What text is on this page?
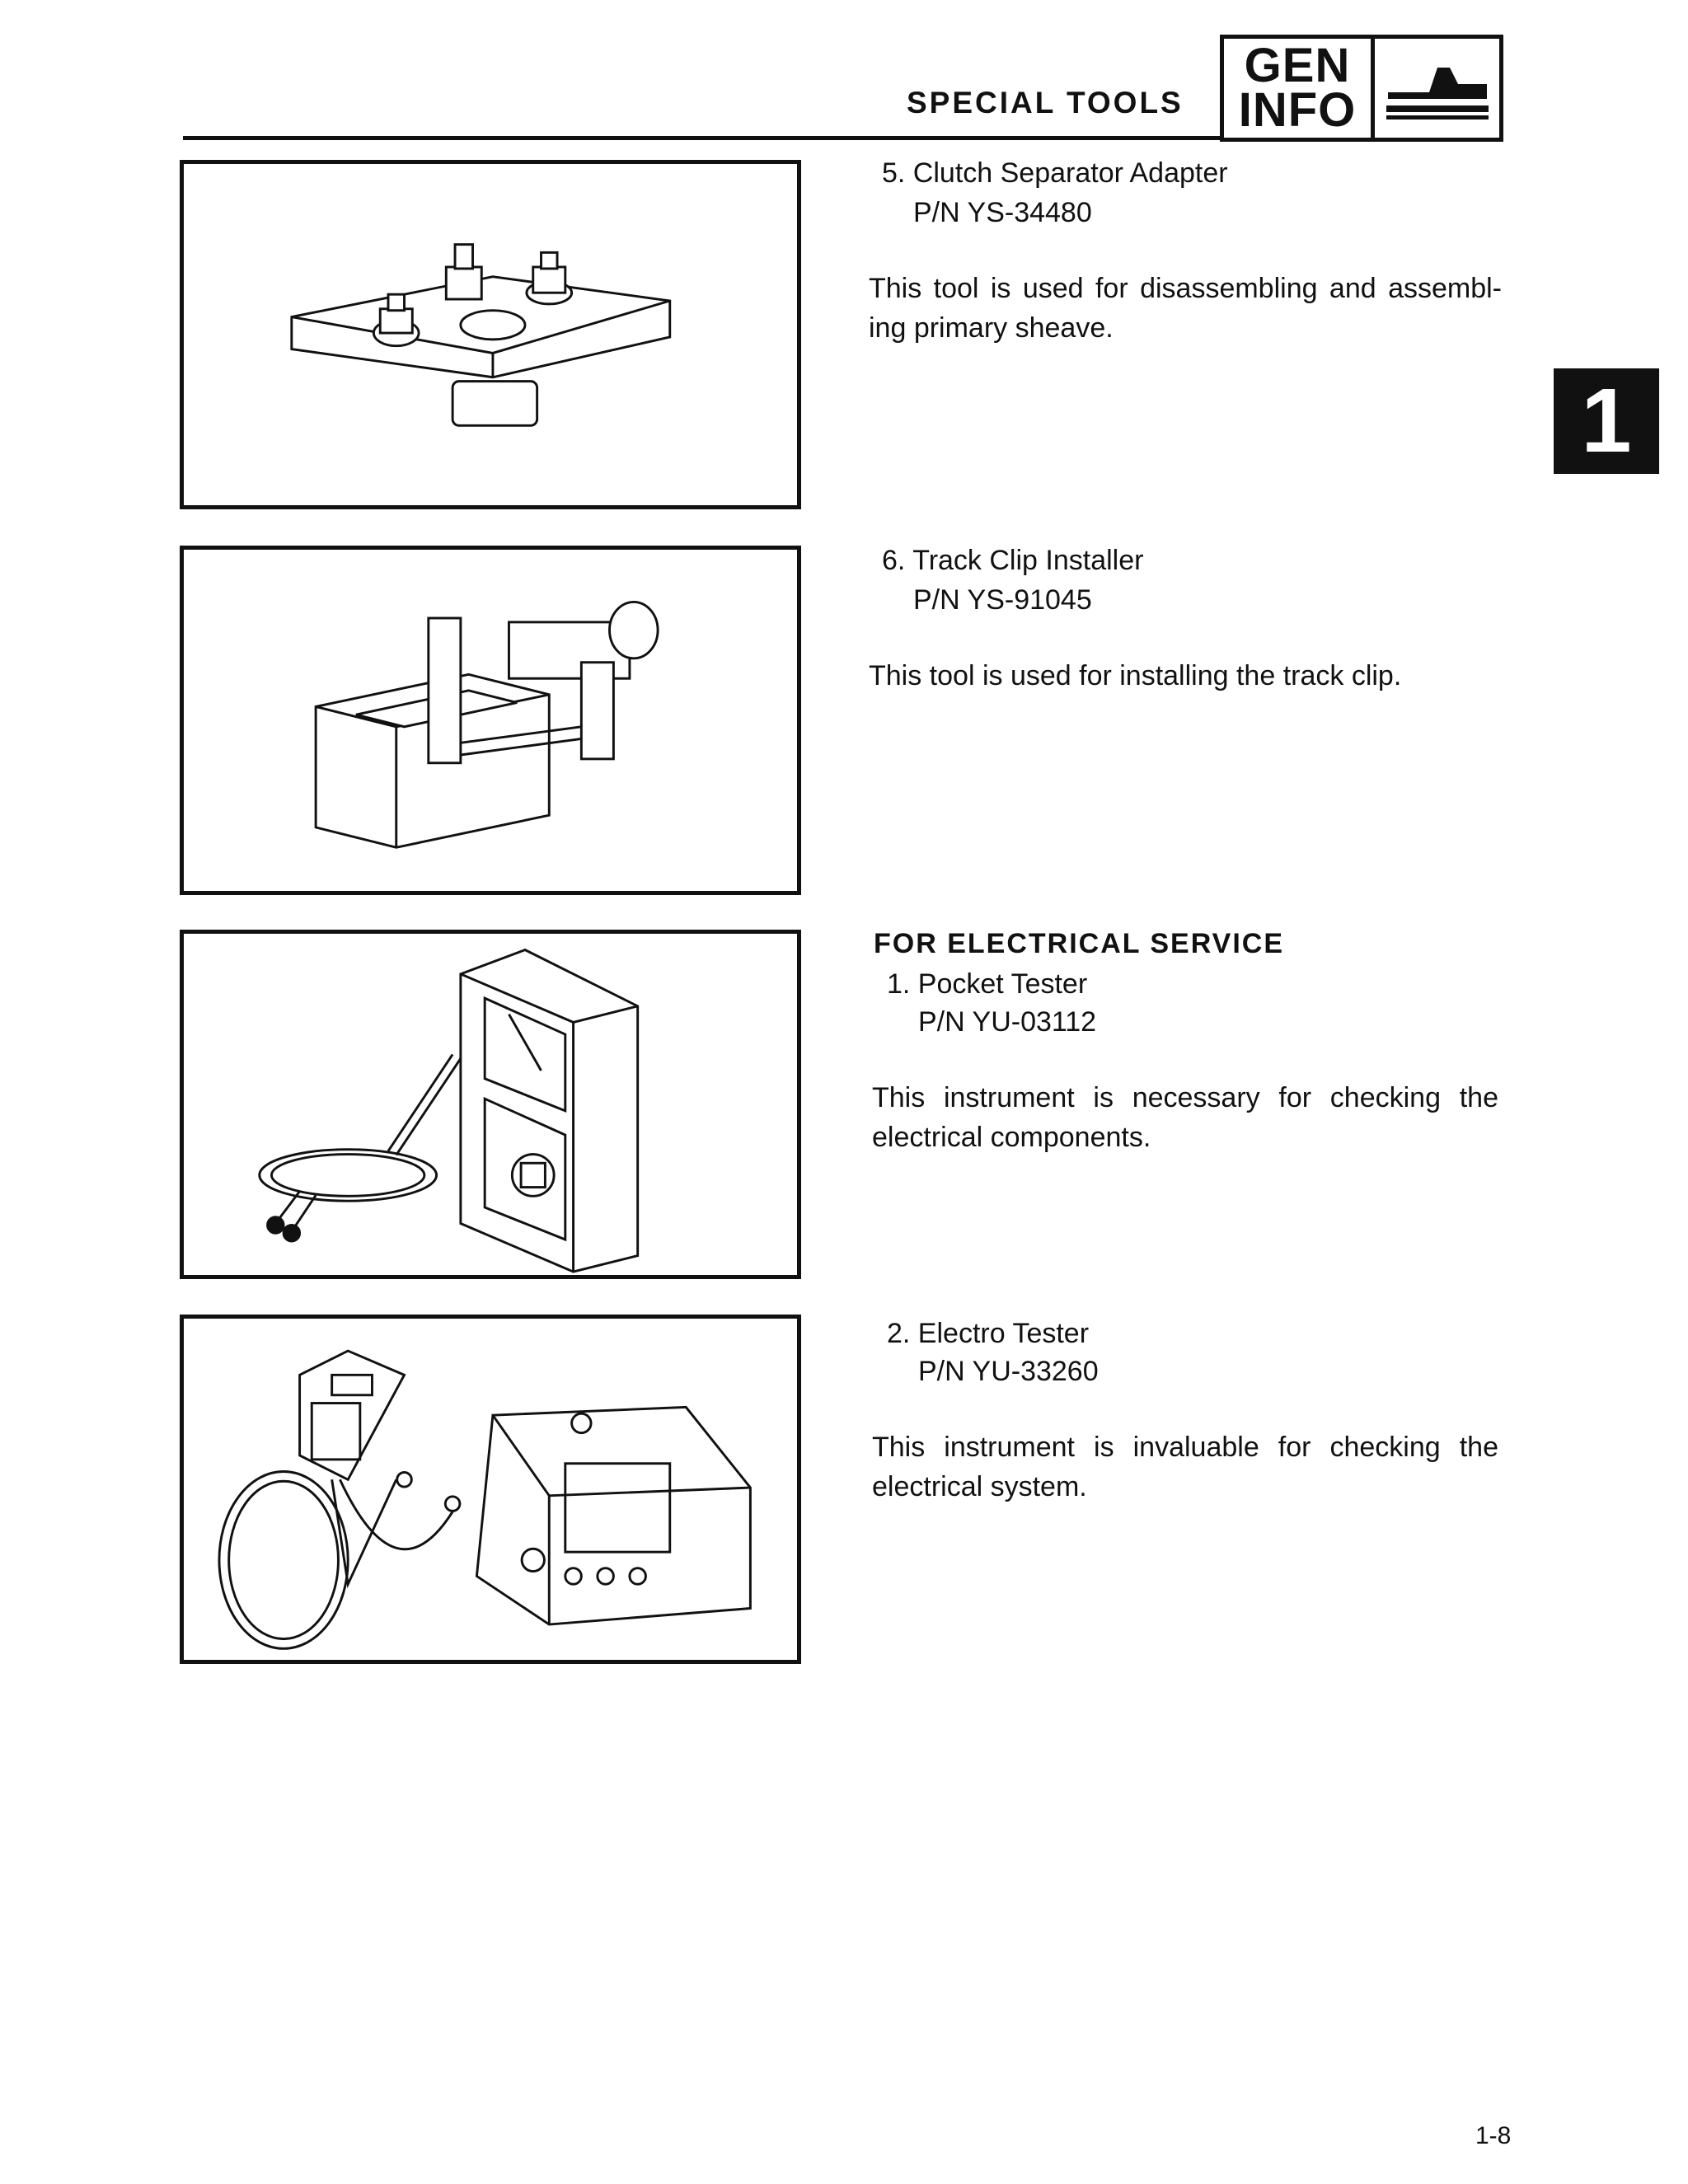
SPECIAL TOOLS
GEN
INFO
1
5. Clutch Separator Adapter
P/N YS-34480
This tool is used for disassembling and assembl-ing primary sheave.
6. Track Clip Installer
P/N YS-91045
This tool is used for installing the track clip.
FOR ELECTRICAL SERVICE
1. Pocket Tester
P/N YU-03112
This instrument is necessary for checking the electrical components.
2. Electro Tester
P/N YU-33260
This instrument is invaluable for checking the electrical system.
1-8
